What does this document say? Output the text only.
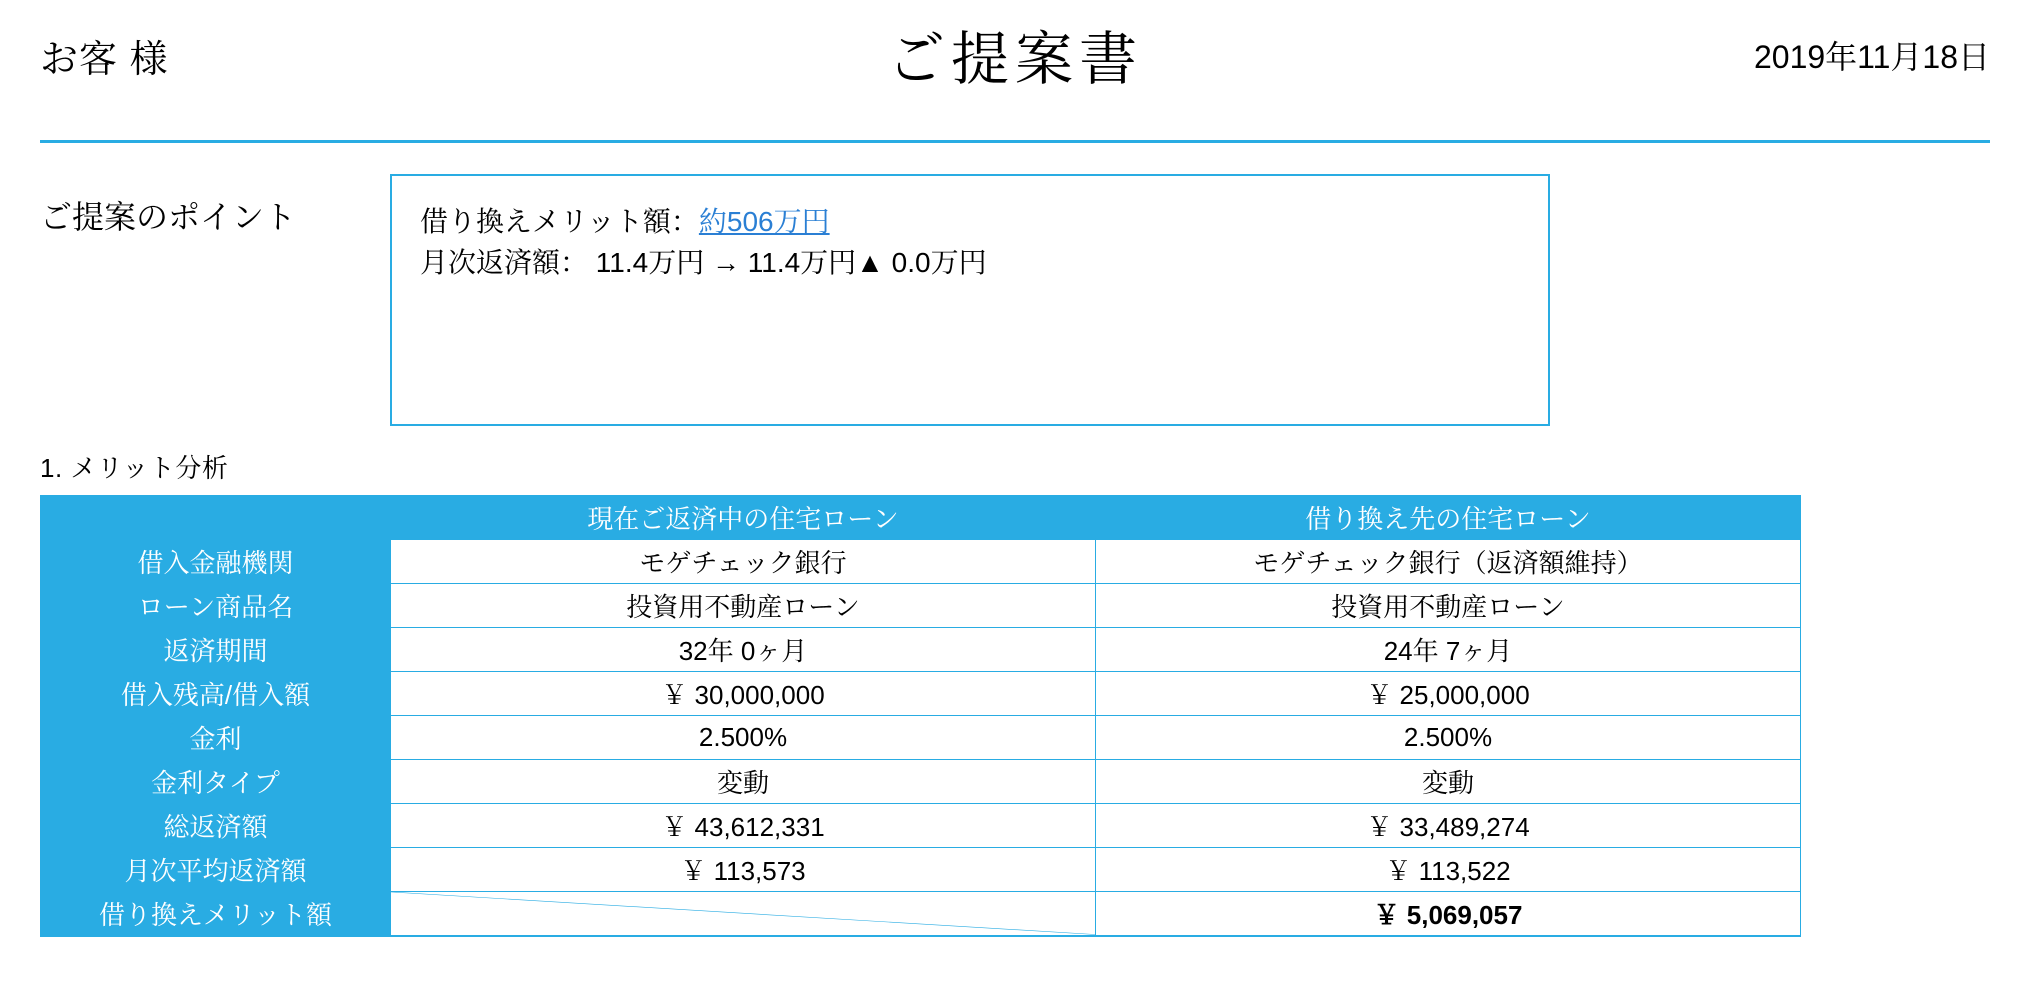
お客 様	ご提案書	2019年11月18日
ご提案のポイント	借り換えメリット額：約506万円
月次返済額： 11.4万円 → 11.4万円▲ 0.0万円
1. メリット分析
	現在ご返済中の住宅ローン	借り換え先の住宅ローン
借入金融機関	モゲチェック銀行	モゲチェック銀行（返済額維持）
ローン商品名	投資用不動産ローン	投資用不動産ローン
返済期間	32年 0ヶ月	24年 7ヶ月
借入残高/借入額	￥ 30,000,000	￥ 25,000,000
金利	2.500%	2.500%
金利タイプ	変動	変動
総返済額	￥ 43,612,331	￥ 33,489,274
月次平均返済額	￥ 113,573	￥ 113,522
借り換えメリット額		￥ 5,069,057
